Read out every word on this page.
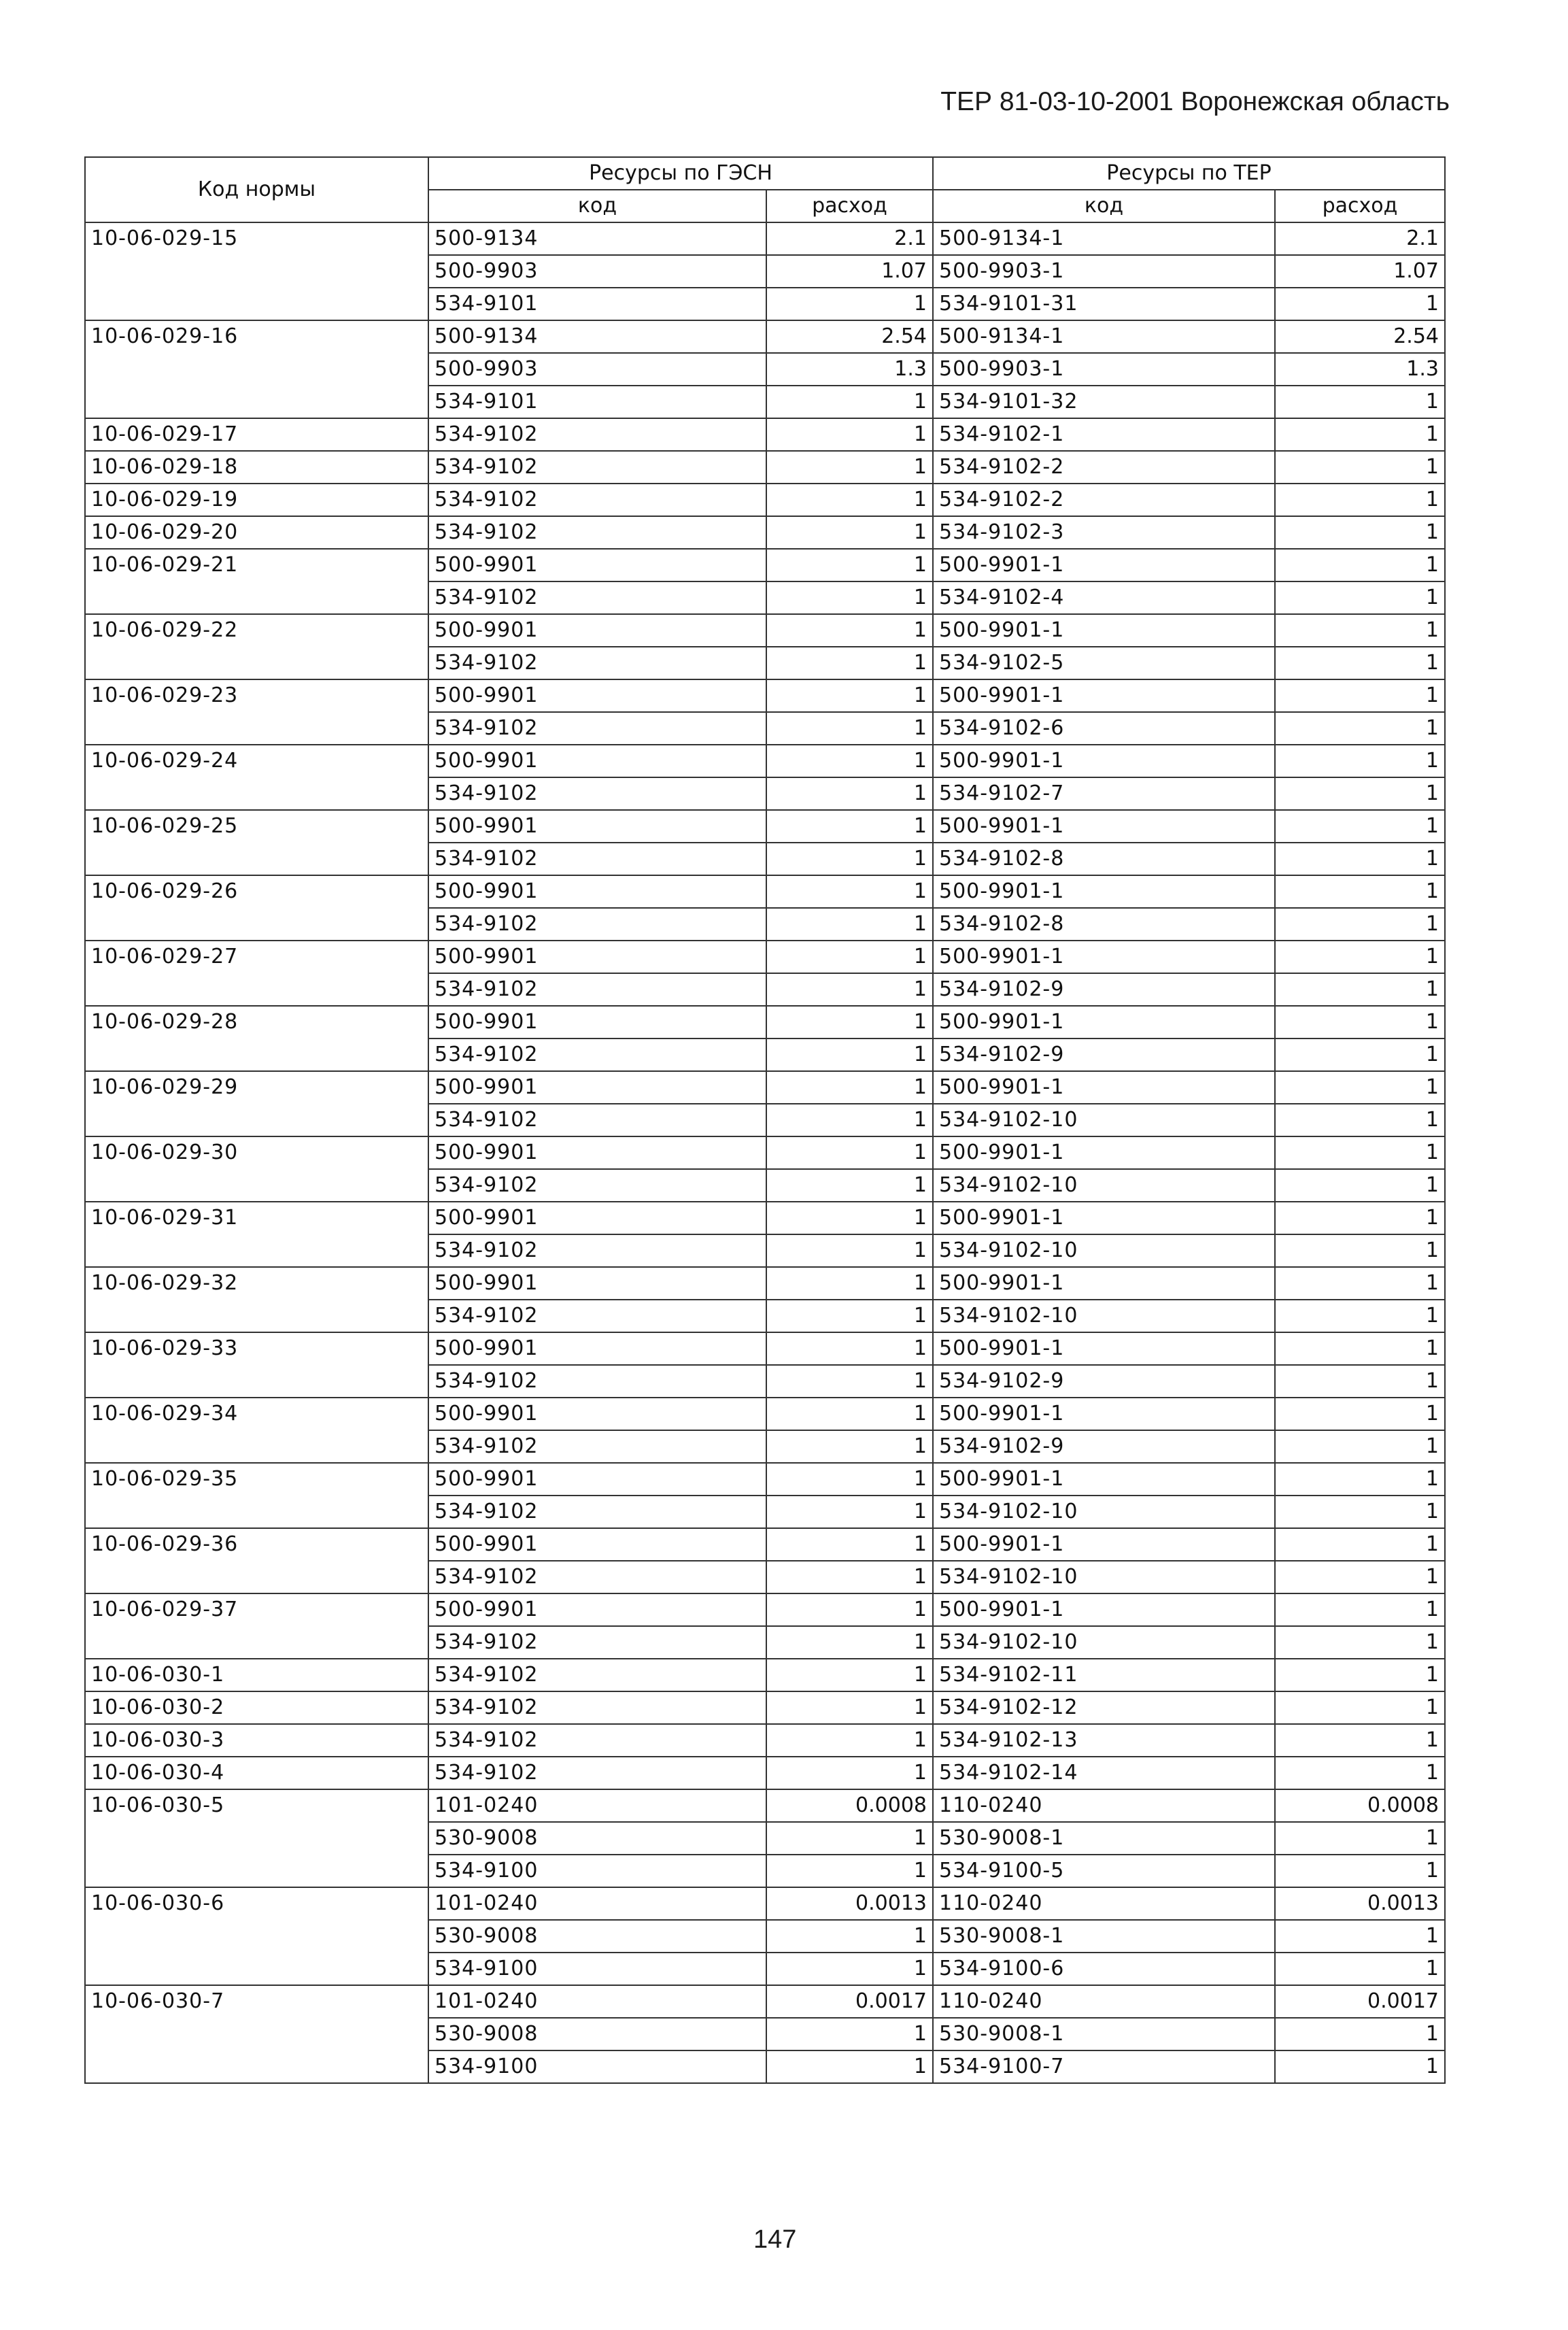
ТЕР 81-03-10-2001 Воронежская область
Код нормы	Ресурсы по ГЭСН		Ресурсы по ТЕР	
	код	расход	код	расход
10-06-029-15	500-9134	2.1	500-9134-1	2.1
	500-9903	1.07	500-9903-1	1.07
	534-9101	1	534-9101-31	1
10-06-029-16	500-9134	2.54	500-9134-1	2.54
	500-9903	1.3	500-9903-1	1.3
	534-9101	1	534-9101-32	1
10-06-029-17	534-9102	1	534-9102-1	1
10-06-029-18	534-9102	1	534-9102-2	1
10-06-029-19	534-9102	1	534-9102-2	1
10-06-029-20	534-9102	1	534-9102-3	1
10-06-029-21	500-9901	1	500-9901-1	1
	534-9102	1	534-9102-4	1
10-06-029-22	500-9901	1	500-9901-1	1
	534-9102	1	534-9102-5	1
10-06-029-23	500-9901	1	500-9901-1	1
	534-9102	1	534-9102-6	1
10-06-029-24	500-9901	1	500-9901-1	1
	534-9102	1	534-9102-7	1
10-06-029-25	500-9901	1	500-9901-1	1
	534-9102	1	534-9102-8	1
10-06-029-26	500-9901	1	500-9901-1	1
	534-9102	1	534-9102-8	1
10-06-029-27	500-9901	1	500-9901-1	1
	534-9102	1	534-9102-9	1
10-06-029-28	500-9901	1	500-9901-1	1
	534-9102	1	534-9102-9	1
10-06-029-29	500-9901	1	500-9901-1	1
	534-9102	1	534-9102-10	1
10-06-029-30	500-9901	1	500-9901-1	1
	534-9102	1	534-9102-10	1
10-06-029-31	500-9901	1	500-9901-1	1
	534-9102	1	534-9102-10	1
10-06-029-32	500-9901	1	500-9901-1	1
	534-9102	1	534-9102-10	1
10-06-029-33	500-9901	1	500-9901-1	1
	534-9102	1	534-9102-9	1
10-06-029-34	500-9901	1	500-9901-1	1
	534-9102	1	534-9102-9	1
10-06-029-35	500-9901	1	500-9901-1	1
	534-9102	1	534-9102-10	1
10-06-029-36	500-9901	1	500-9901-1	1
	534-9102	1	534-9102-10	1
10-06-029-37	500-9901	1	500-9901-1	1
	534-9102	1	534-9102-10	1
10-06-030-1	534-9102	1	534-9102-11	1
10-06-030-2	534-9102	1	534-9102-12	1
10-06-030-3	534-9102	1	534-9102-13	1
10-06-030-4	534-9102	1	534-9102-14	1
10-06-030-5	101-0240	0.0008	110-0240	0.0008
	530-9008	1	530-9008-1	1
	534-9100	1	534-9100-5	1
10-06-030-6	101-0240	0.0013	110-0240	0.0013
	530-9008	1	530-9008-1	1
	534-9100	1	534-9100-6	1
10-06-030-7	101-0240	0.0017	110-0240	0.0017
	530-9008	1	530-9008-1	1
	534-9100	1	534-9100-7	1
147
